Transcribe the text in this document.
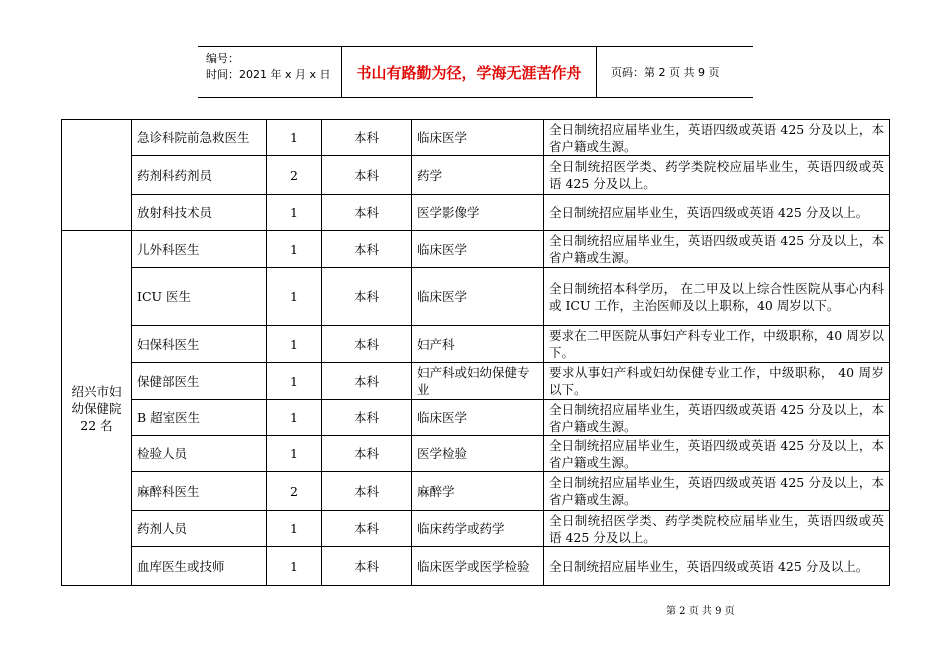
编号：
时间：2021 年 x 月 x 日	书山有路勤为径，学海无涯苦作舟	页码：第 2 页 共 9 页
	急诊科院前急救医生	1	本科	临床医学	全日制统招应届毕业生，英语四级或英语 425 分及以上，本省户籍或生源。
	药剂科药剂员	2	本科	药学	全日制统招医学类、药学类院校应届毕业生，英语四级或英语 425 分及以上。
	放射科技术员	1	本科	医学影像学	全日制统招应届毕业生，英语四级或英语 425 分及以上。
绍兴市妇幼保健院 22 名	儿外科医生	1	本科	临床医学	全日制统招应届毕业生，英语四级或英语 425 分及以上，本省户籍或生源。
	ICU 医生	1	本科	临床医学	全日制统招本科学历， 在二甲及以上综合性医院从事心内科或 ICU 工作，主治医师及以上职称，40 周岁以下。
	妇保科医生	1	本科	妇产科	要求在二甲医院从事妇产科专业工作，中级职称，40 周岁以下。
	保健部医生	1	本科	妇产科或妇幼保健专业	要求从事妇产科或妇幼保健专业工作，中级职称， 40 周岁以下。
	B 超室医生	1	本科	临床医学	全日制统招应届毕业生，英语四级或英语 425 分及以上，本省户籍或生源。
	检验人员	1	本科	医学检验	全日制统招应届毕业生，英语四级或英语 425 分及以上，本省户籍或生源。
	麻醉科医生	2	本科	麻醉学	全日制统招应届毕业生，英语四级或英语 425 分及以上，本省户籍或生源。
	药剂人员	1	本科	临床药学或药学	全日制统招医学类、药学类院校应届毕业生，英语四级或英语 425 分及以上。
	血库医生或技师	1	本科	临床医学或医学检验	全日制统招应届毕业生，英语四级或英语 425 分及以上。
第 2 页 共 9 页
